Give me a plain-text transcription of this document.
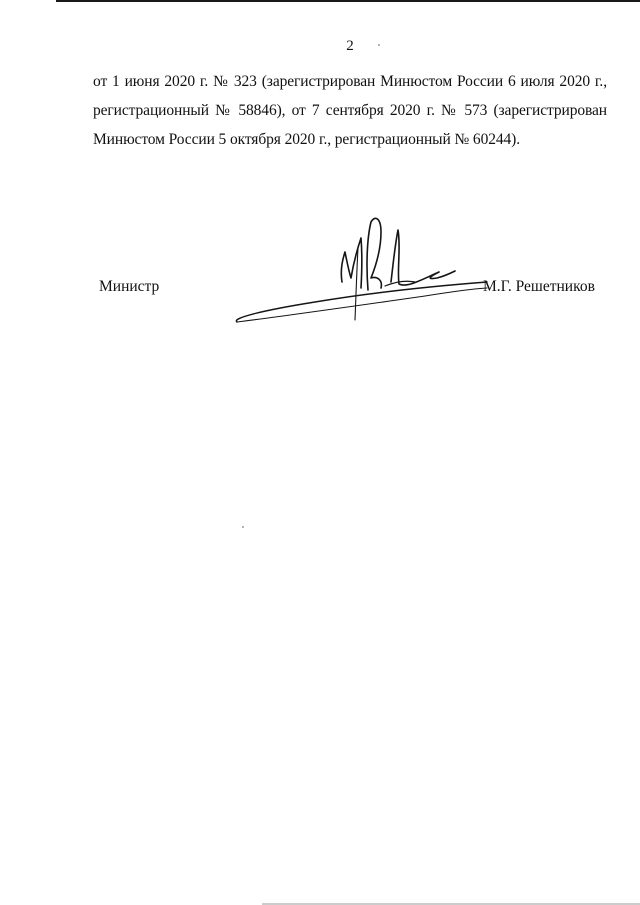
2
от 1 июня 2020 г. № 323 (зарегистрирован Минюстом России 6 июля 2020 г.,
регистрационный № 58846), от 7 сентября 2020 г. № 573 (зарегистрирован
Минюстом России 5 октября 2020 г., регистрационный № 60244).
Министр	М.Г. Решетников
